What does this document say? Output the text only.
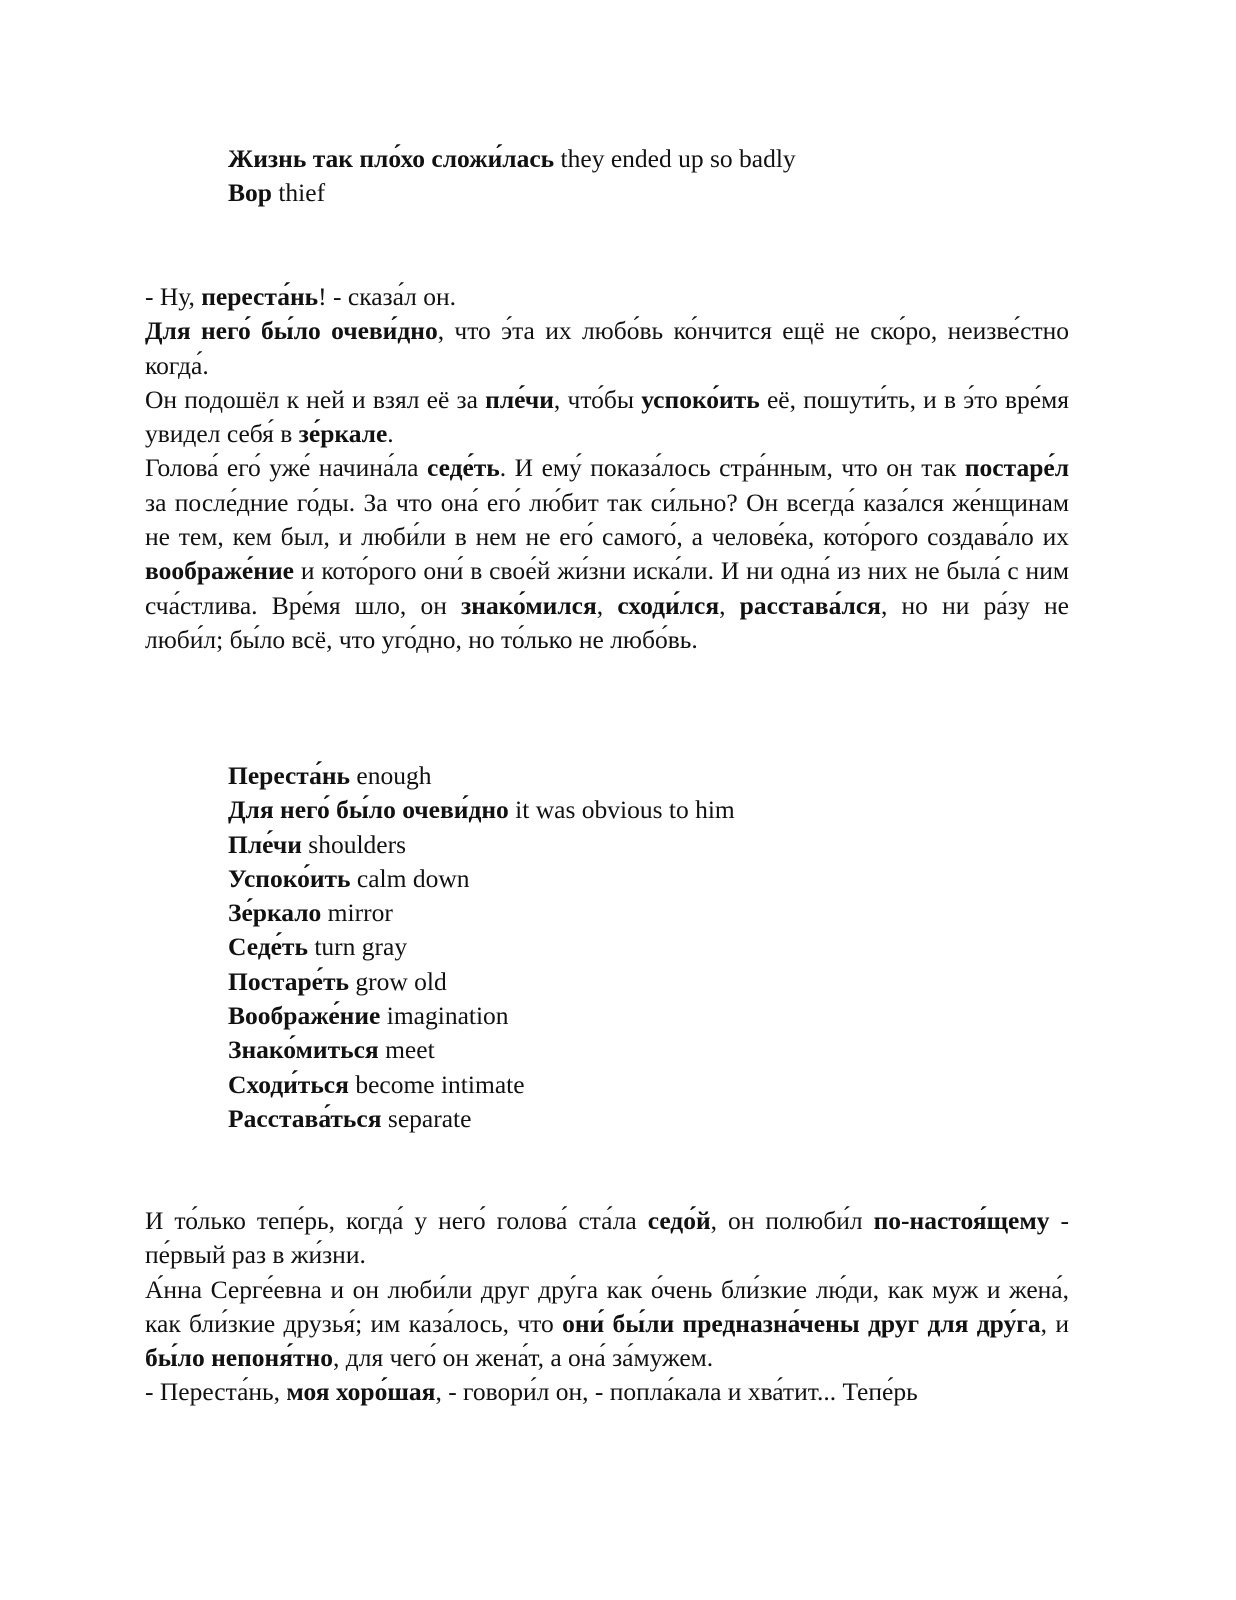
Жизнь так пло́хо сложи́лась they ended up so badly
Вор thief

- Ну, переста́нь! - сказа́л он.

Для него́ бы́ло очеви́дно, что э́та их любо́вь ко́нчится ещё не ско́ро, неизве́стно когда́.

Он подошёл к ней и взял её за пле́чи, что́бы успоко́ить её, пошути́ть, и в э́то вре́мя увидел себя́ в зе́ркале.

Голова́ его́ уже́ начина́ла седе́ть. И ему́ показа́лось стра́нным, что он так постаре́л за после́дние го́ды. За что она́ его́ лю́бит так си́льно? Он всегда́ каза́лся же́нщинам не тем, кем был, и люби́ли в нем не его́ самого́, а челове́ка, кото́рого создава́ло их воображе́ние и кото́рого они́ в свое́й жи́зни иска́ли. И ни одна́ из них не была́ с ним сча́стлива. Вре́мя шло, он знако́мился, сходи́лся, расстава́лся, но ни ра́зу не люби́л; бы́ло всё, что уго́дно, но то́лько не любо́вь.

Переста́нь enough
Для него́ бы́ло очеви́дно it was obvious to him
Пле́чи shoulders
Успоко́ить calm down
Зе́ркало mirror
Седе́ть turn gray
Постаре́ть grow old
Воображе́ние imagination
Знако́миться meet
Сходи́ться become intimate
Расстава́ться separate

И то́лько тепе́рь, когда́ у него́ голова́ ста́ла седо́й, он полюби́л по-настоя́щему - пе́рвый раз в жи́зни.

А́нна Серге́евна и он люби́ли друг дру́га как о́чень бли́зкие лю́ди, как муж и жена́, как бли́зкие друзья́; им каза́лось, что они́ бы́ли предназна́чены друг для дру́га, и бы́ло непоня́тно, для чего́ он жена́т, а она́ за́мужем.

- Переста́нь, моя хоро́шая, - говори́л он, - попла́кала и хва́тит... Тепе́рь
